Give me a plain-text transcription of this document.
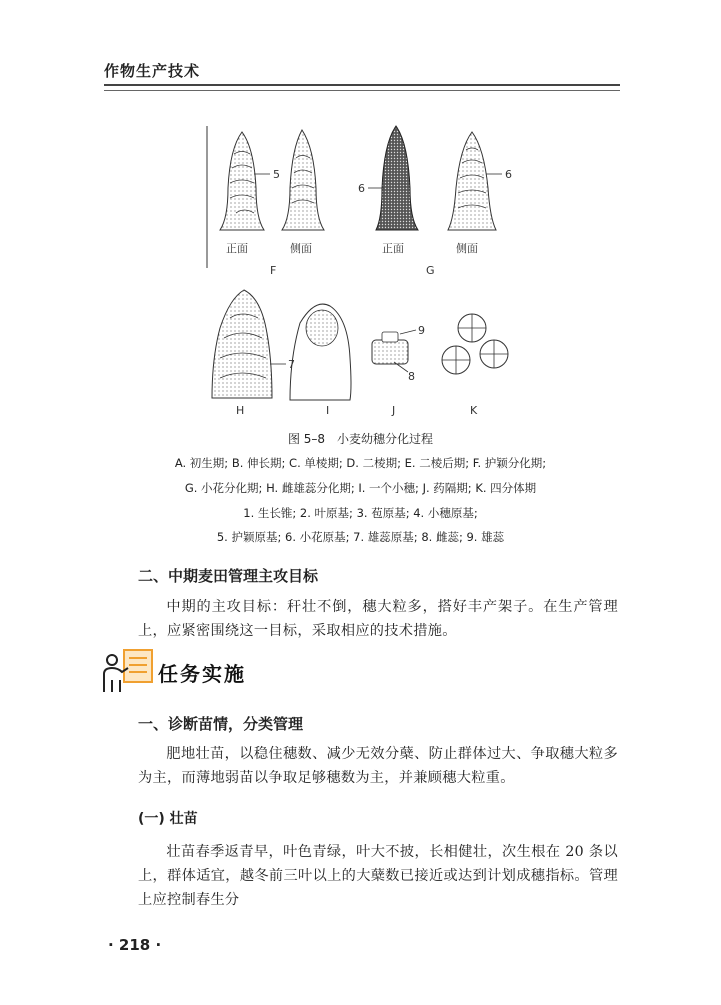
作物生产技术
5
6
6
7
9
8
正面	侧面	正面	侧面
F	G
H	I	J	K
图 5–8　小麦幼穗分化过程
A. 初生期; B. 伸长期; C. 单棱期; D. 二棱期; E. 二棱后期; F. 护颖分化期;
G. 小花分化期; H. 雌雄蕊分化期; I. 一个小穗; J. 药隔期; K. 四分体期
1. 生长锥; 2. 叶原基; 3. 苞原基; 4. 小穗原基;
5. 护颖原基; 6. 小花原基; 7. 雄蕊原基; 8. 雌蕊; 9. 雄蕊
二、中期麦田管理主攻目标
中期的主攻目标：秆壮不倒，穗大粒多，搭好丰产架子。在生产管理上，应紧密围绕这一目标，采取相应的技术措施。
任务实施
一、诊断苗情，分类管理
肥地壮苗，以稳住穗数、减少无效分蘖、防止群体过大、争取穗大粒多为主，而薄地弱苗以争取足够穗数为主，并兼顾穗大粒重。
(一) 壮苗
壮苗春季返青早，叶色青绿，叶大不披，长相健壮，次生根在 20 条以上，群体适宜，越冬前三叶以上的大蘖数已接近或达到计划成穗指标。管理上应控制春生分
· 218 ·
